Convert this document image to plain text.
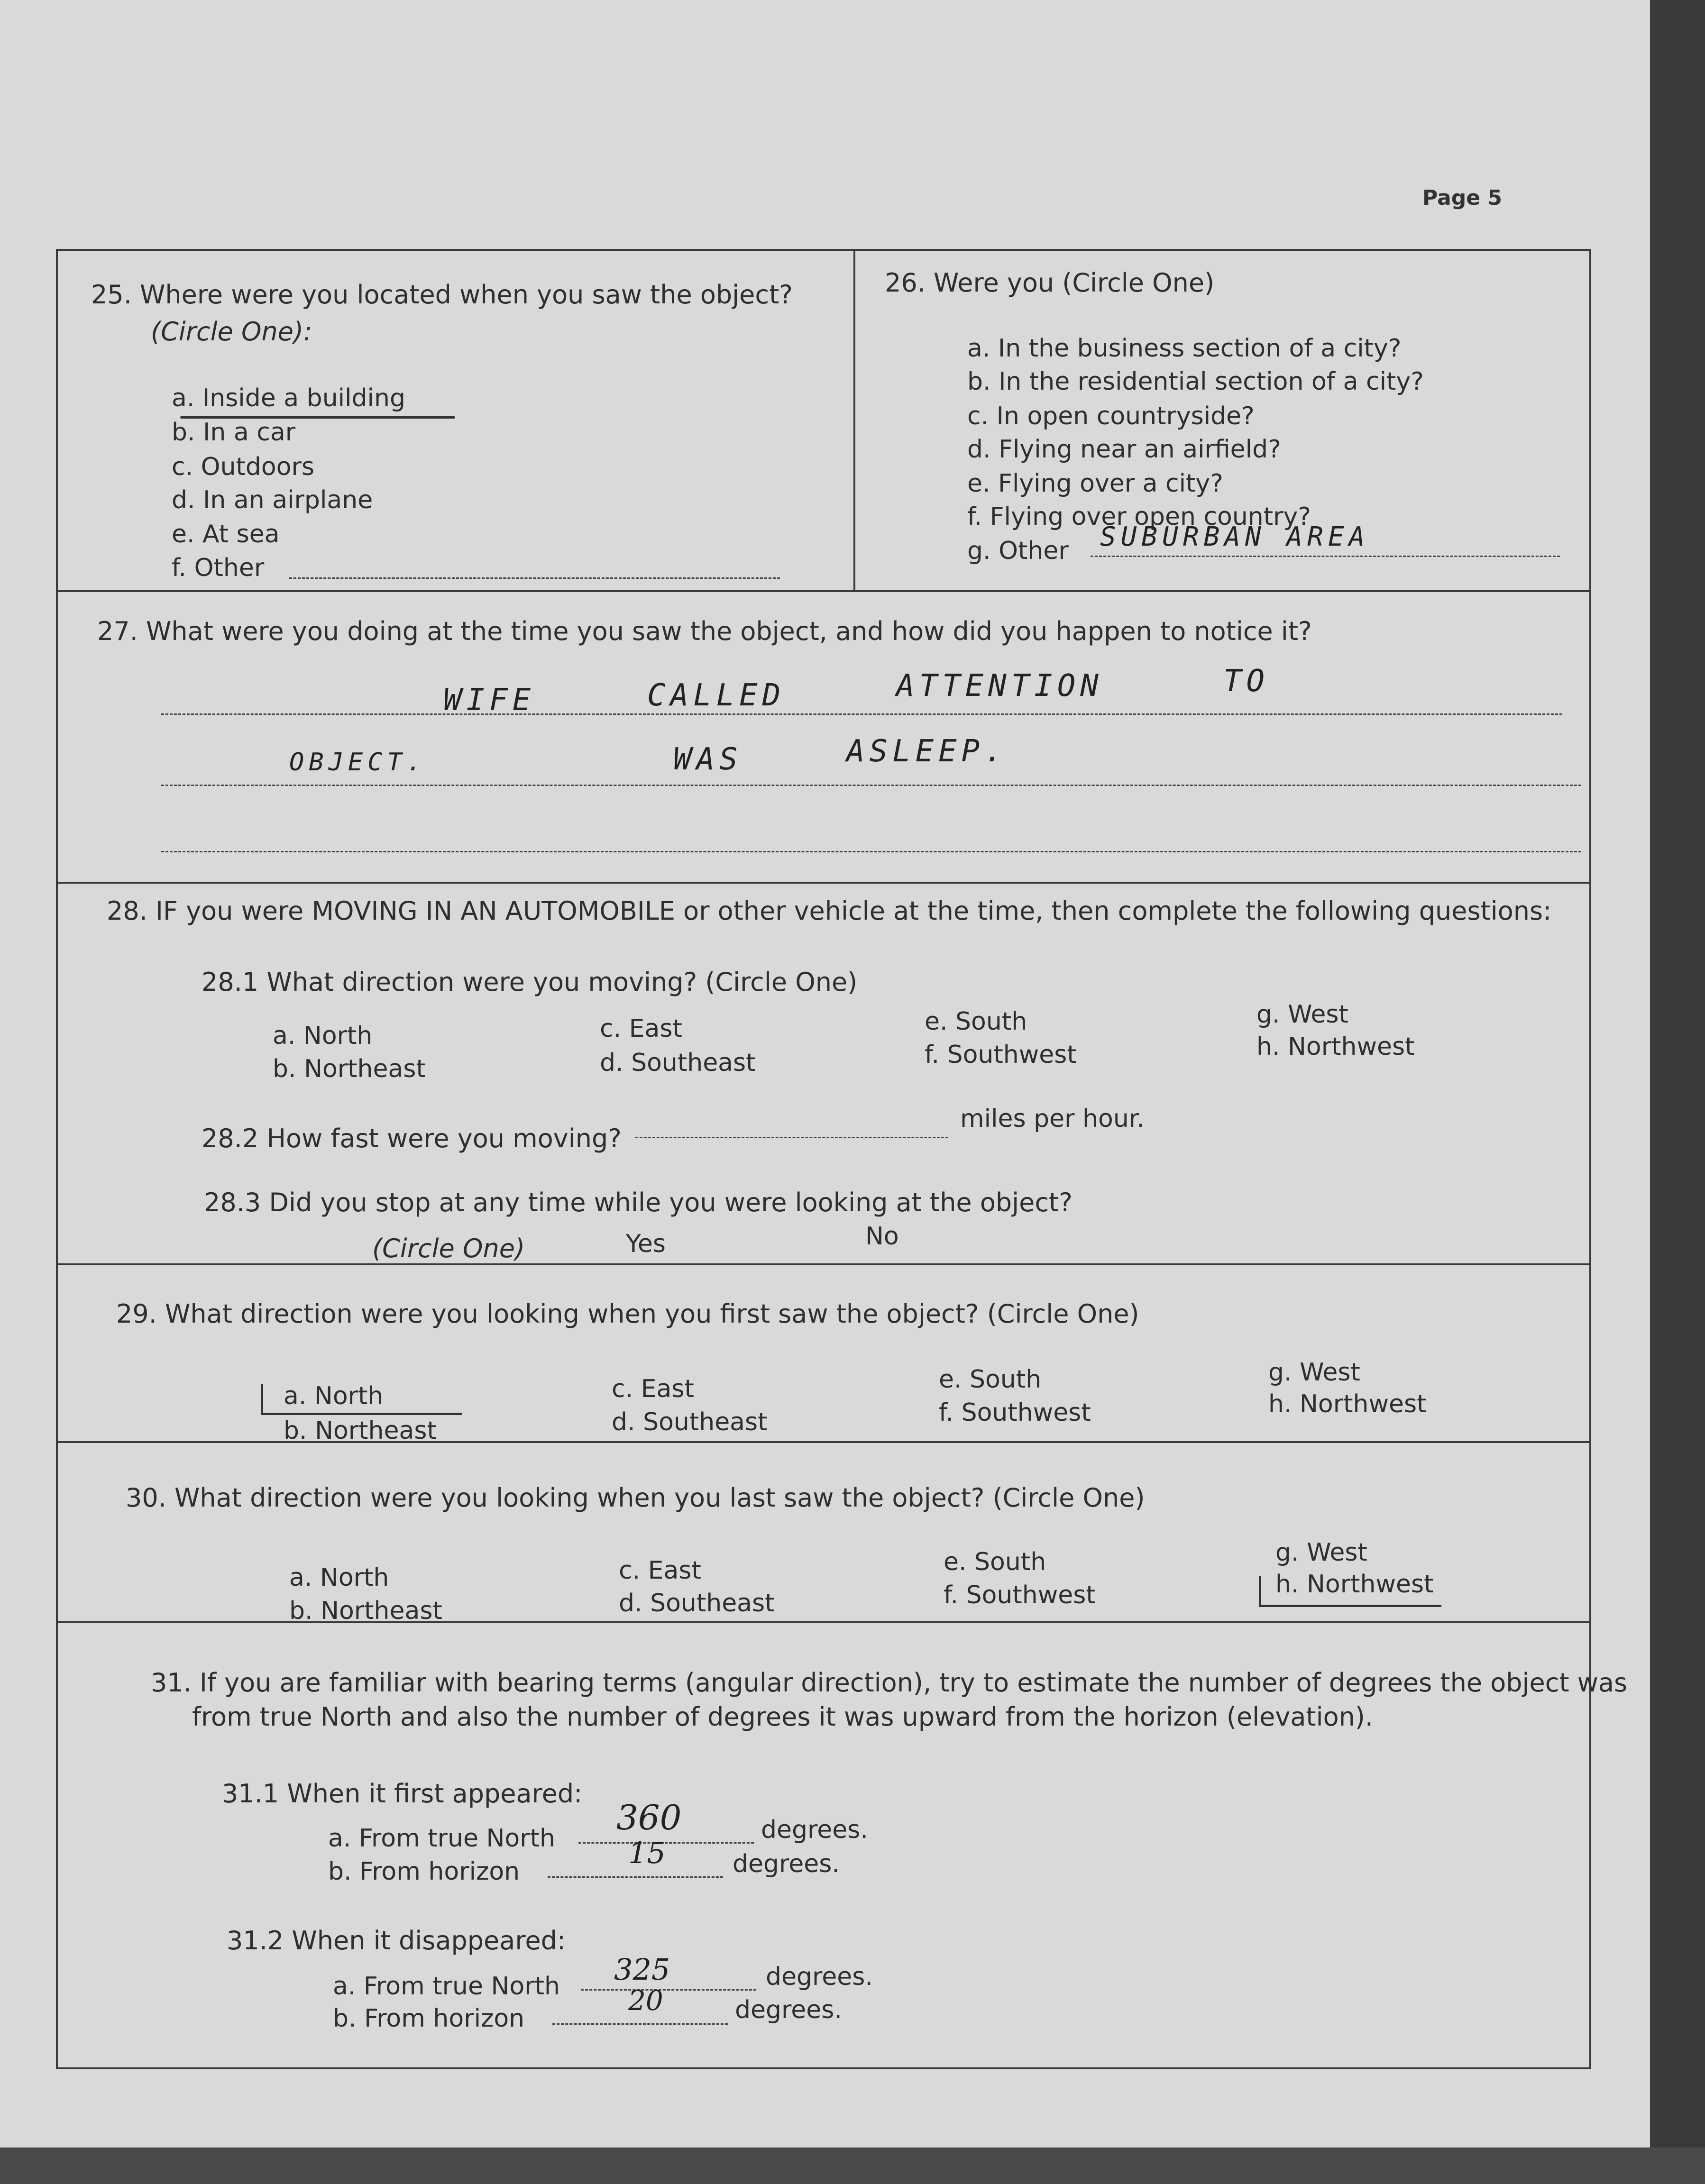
Page 5
25. Where were you located when you saw the object?
(Circle One):
a. Inside a building
b. In a car
c. Outdoors
d. In an airplane
e. At sea
f. Other
26. Were you (Circle One)
a. In the business section of a city?
b. In the residential section of a city?
c. In open countryside?
d. Flying near an airfield?
e. Flying over a city?
f. Flying over open country?
g. Other SUBURBAN AREA
27. What were you doing at the time you saw the object, and how did you happen to notice it?
WIFE	CALLED	ATTENTION	TO
OBJECT.	WAS	ASLEEP.
28. IF you were MOVING IN AN AUTOMOBILE or other vehicle at the time, then complete the following questions:
28.1 What direction were you moving? (Circle One)
a. North
b. Northeast
c. East
d. Southeast
e. South
f. Southwest
g. West
h. Northwest
28.2 How fast were you moving?
miles per hour.
28.3 Did you stop at any time while you were looking at the object?
(Circle One)	Yes	No
29. What direction were you looking when you first saw the object? (Circle One)
a. North
b. Northeast
c. East
d. Southeast
e. South
f. Southwest
g. West
h. Northwest
30. What direction were you looking when you last saw the object? (Circle One)
a. North
b. Northeast
c. East
d. Southeast
e. South
f. Southwest
g. West
h. Northwest
31. If you are familiar with bearing terms (angular direction), try to estimate the number of degrees the object was
from true North and also the number of degrees it was upward from the horizon (elevation).
31.1 When it first appeared:
a. From true North
360	degrees.
b. From horizon
15	degrees.
31.2 When it disappeared:
a. From true North 325	degrees.
b. From horizon
20	degrees.
